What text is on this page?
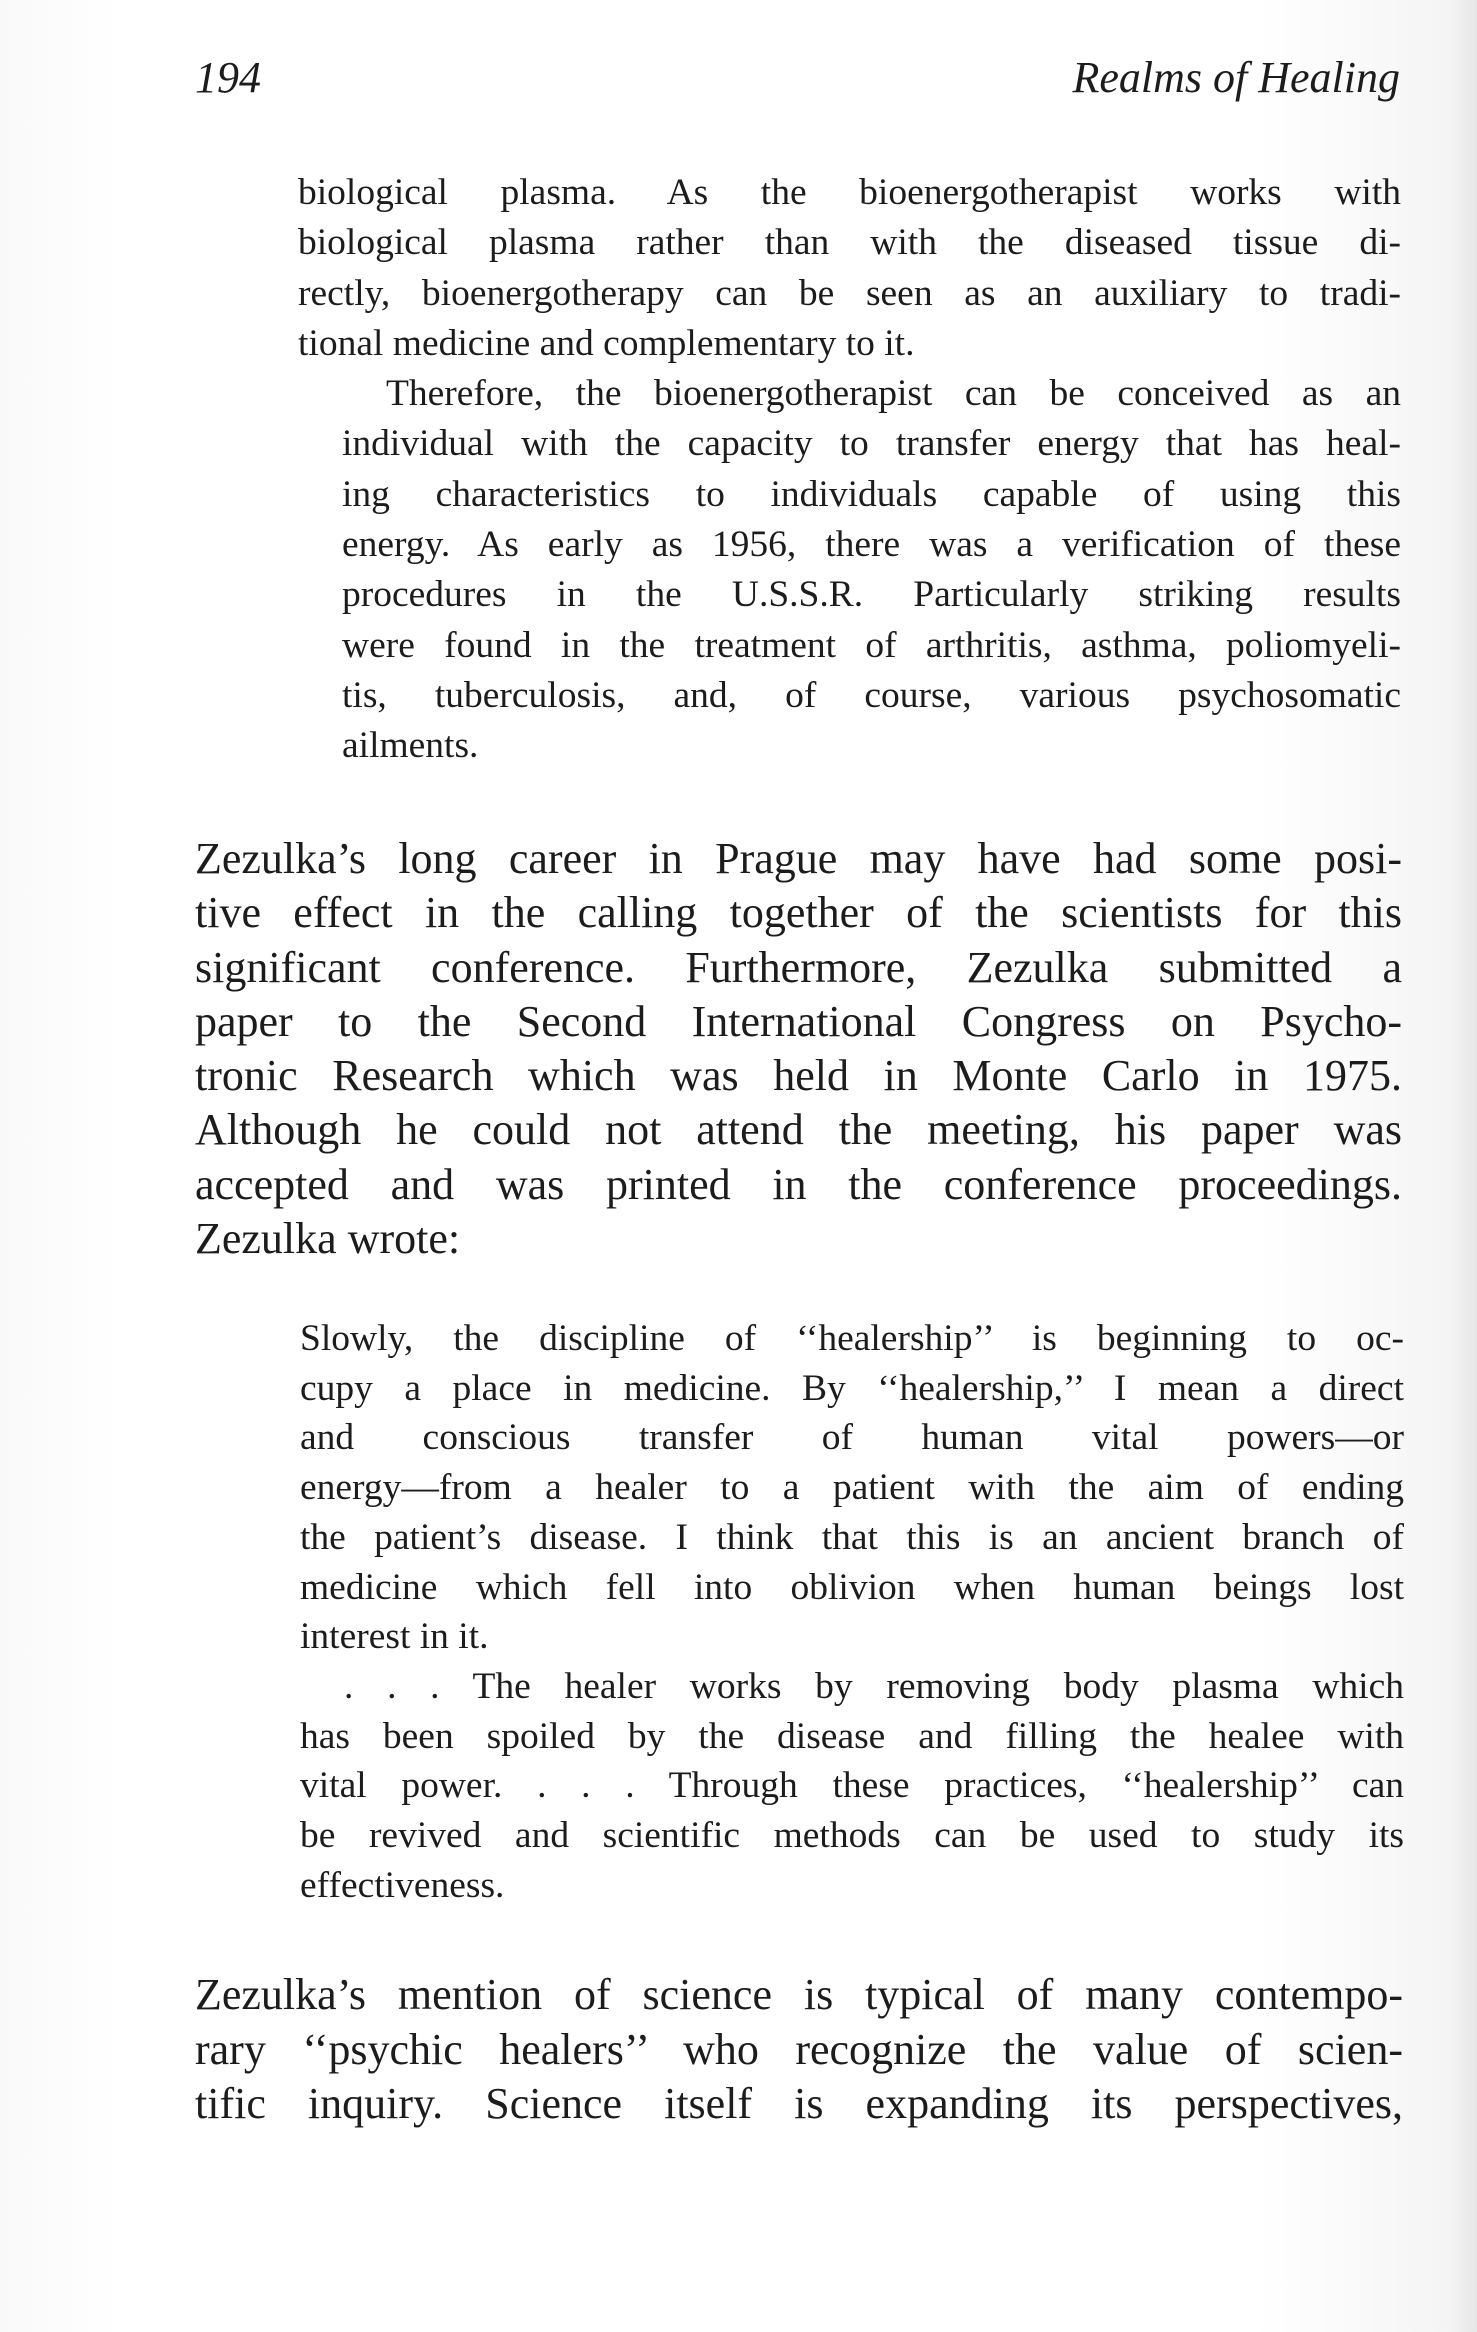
194	Realms of Healing

biological plasma. As the bioenergotherapist works with
biological plasma rather than with the diseased tissue di-
rectly, bioenergotherapy can be seen as an auxiliary to tradi-
tional medicine and complementary to it.

Therefore, the bioenergotherapist can be conceived as an
individual with the capacity to transfer energy that has heal-
ing characteristics to individuals capable of using this
energy. As early as 1956, there was a verification of these
procedures in the U.S.S.R. Particularly striking results
were found in the treatment of arthritis, asthma, poliomyeli-
tis, tuberculosis, and, of course, various psychosomatic
ailments.

Zezulka’s long career in Prague may have had some posi-
tive effect in the calling together of the scientists for this
significant conference. Furthermore, Zezulka submitted a
paper to the Second International Congress on Psycho-
tronic Research which was held in Monte Carlo in 1975.
Although he could not attend the meeting, his paper was
accepted and was printed in the conference proceedings.
Zezulka wrote:

Slowly, the discipline of ‘‘healership’’ is beginning to oc-
cupy a place in medicine. By ‘‘healership,’’ I mean a direct
and conscious transfer of human vital powers—or
energy—from a healer to a patient with the aim of ending
the patient’s disease. I think that this is an ancient branch of
medicine which fell into oblivion when human beings lost
interest in it.

. . . The healer works by removing body plasma which
has been spoiled by the disease and filling the healee with
vital power. . . . Through these practices, ‘‘healership’’ can
be revived and scientific methods can be used to study its
effectiveness.

Zezulka’s mention of science is typical of many contempo-
rary ‘‘psychic healers’’ who recognize the value of scien-
tific inquiry. Science itself is expanding its perspectives,
